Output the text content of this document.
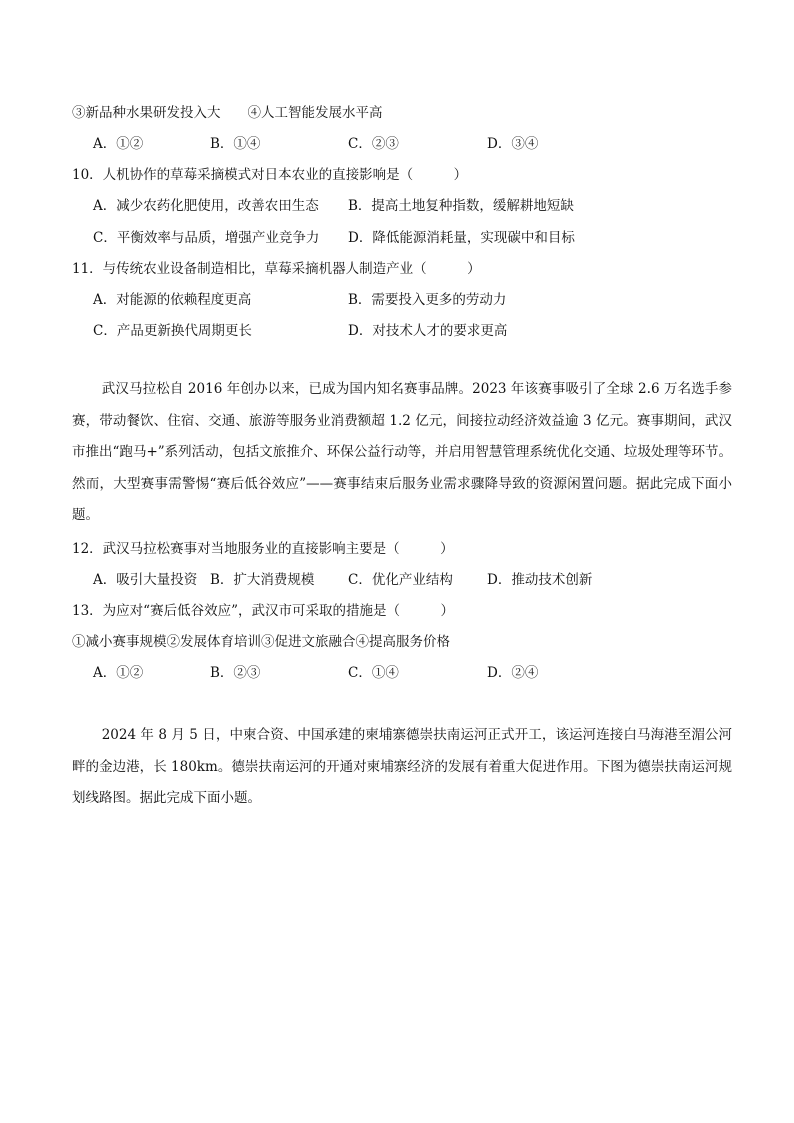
③新品种水果研发投入大　　④人工智能发展水平高
A．①②	B．①④	C．②③	D．③④
10．人机协作的草莓采摘模式对日本农业的直接影响是（　　　）
A．减少农药化肥使用，改善农田生态 B．提高土地复种指数，缓解耕地短缺
C．平衡效率与品质，增强产业竞争力 D．降低能源消耗量，实现碳中和目标
11．与传统农业设备制造相比，草莓采摘机器人制造产业（　　　）
A．对能源的依赖程度更高	B．需要投入更多的劳动力
C．产品更新换代周期更长	D．对技术人才的要求更高

武汉马拉松自 2016 年创办以来，已成为国内知名赛事品牌。2023 年该赛事吸引了全球 2.6 万名选手参赛，带动餐饮、住宿、交通、旅游等服务业消费额超 1.2 亿元，间接拉动经济效益逾 3 亿元。赛事期间，武汉市推出“跑马+”系列活动，包括文旅推介、环保公益行动等，并启用智慧管理系统优化交通、垃圾处理等环节。然而，大型赛事需警惕“赛后低谷效应”——赛事结束后服务业需求骤降导致的资源闲置问题。据此完成下面小题。

12．武汉马拉松赛事对当地服务业的直接影响主要是（　　　）
A．吸引大量投资 B．扩大消费规模 C．优化产业结构	D．推动技术创新
13．为应对“赛后低谷效应”，武汉市可采取的措施是（　　　）
①减小赛事规模②发展体育培训③促进文旅融合④提高服务价格
A．①②	B．②③	C．①④	D．②④

2024 年 8 月 5 日，中柬合资、中国承建的柬埔寨德崇扶南运河正式开工，该运河连接白马海港至湄公河畔的金边港，长 180km。德崇扶南运河的开通对柬埔寨经济的发展有着重大促进作用。下图为德崇扶南运河规划线路图。据此完成下面小题。
